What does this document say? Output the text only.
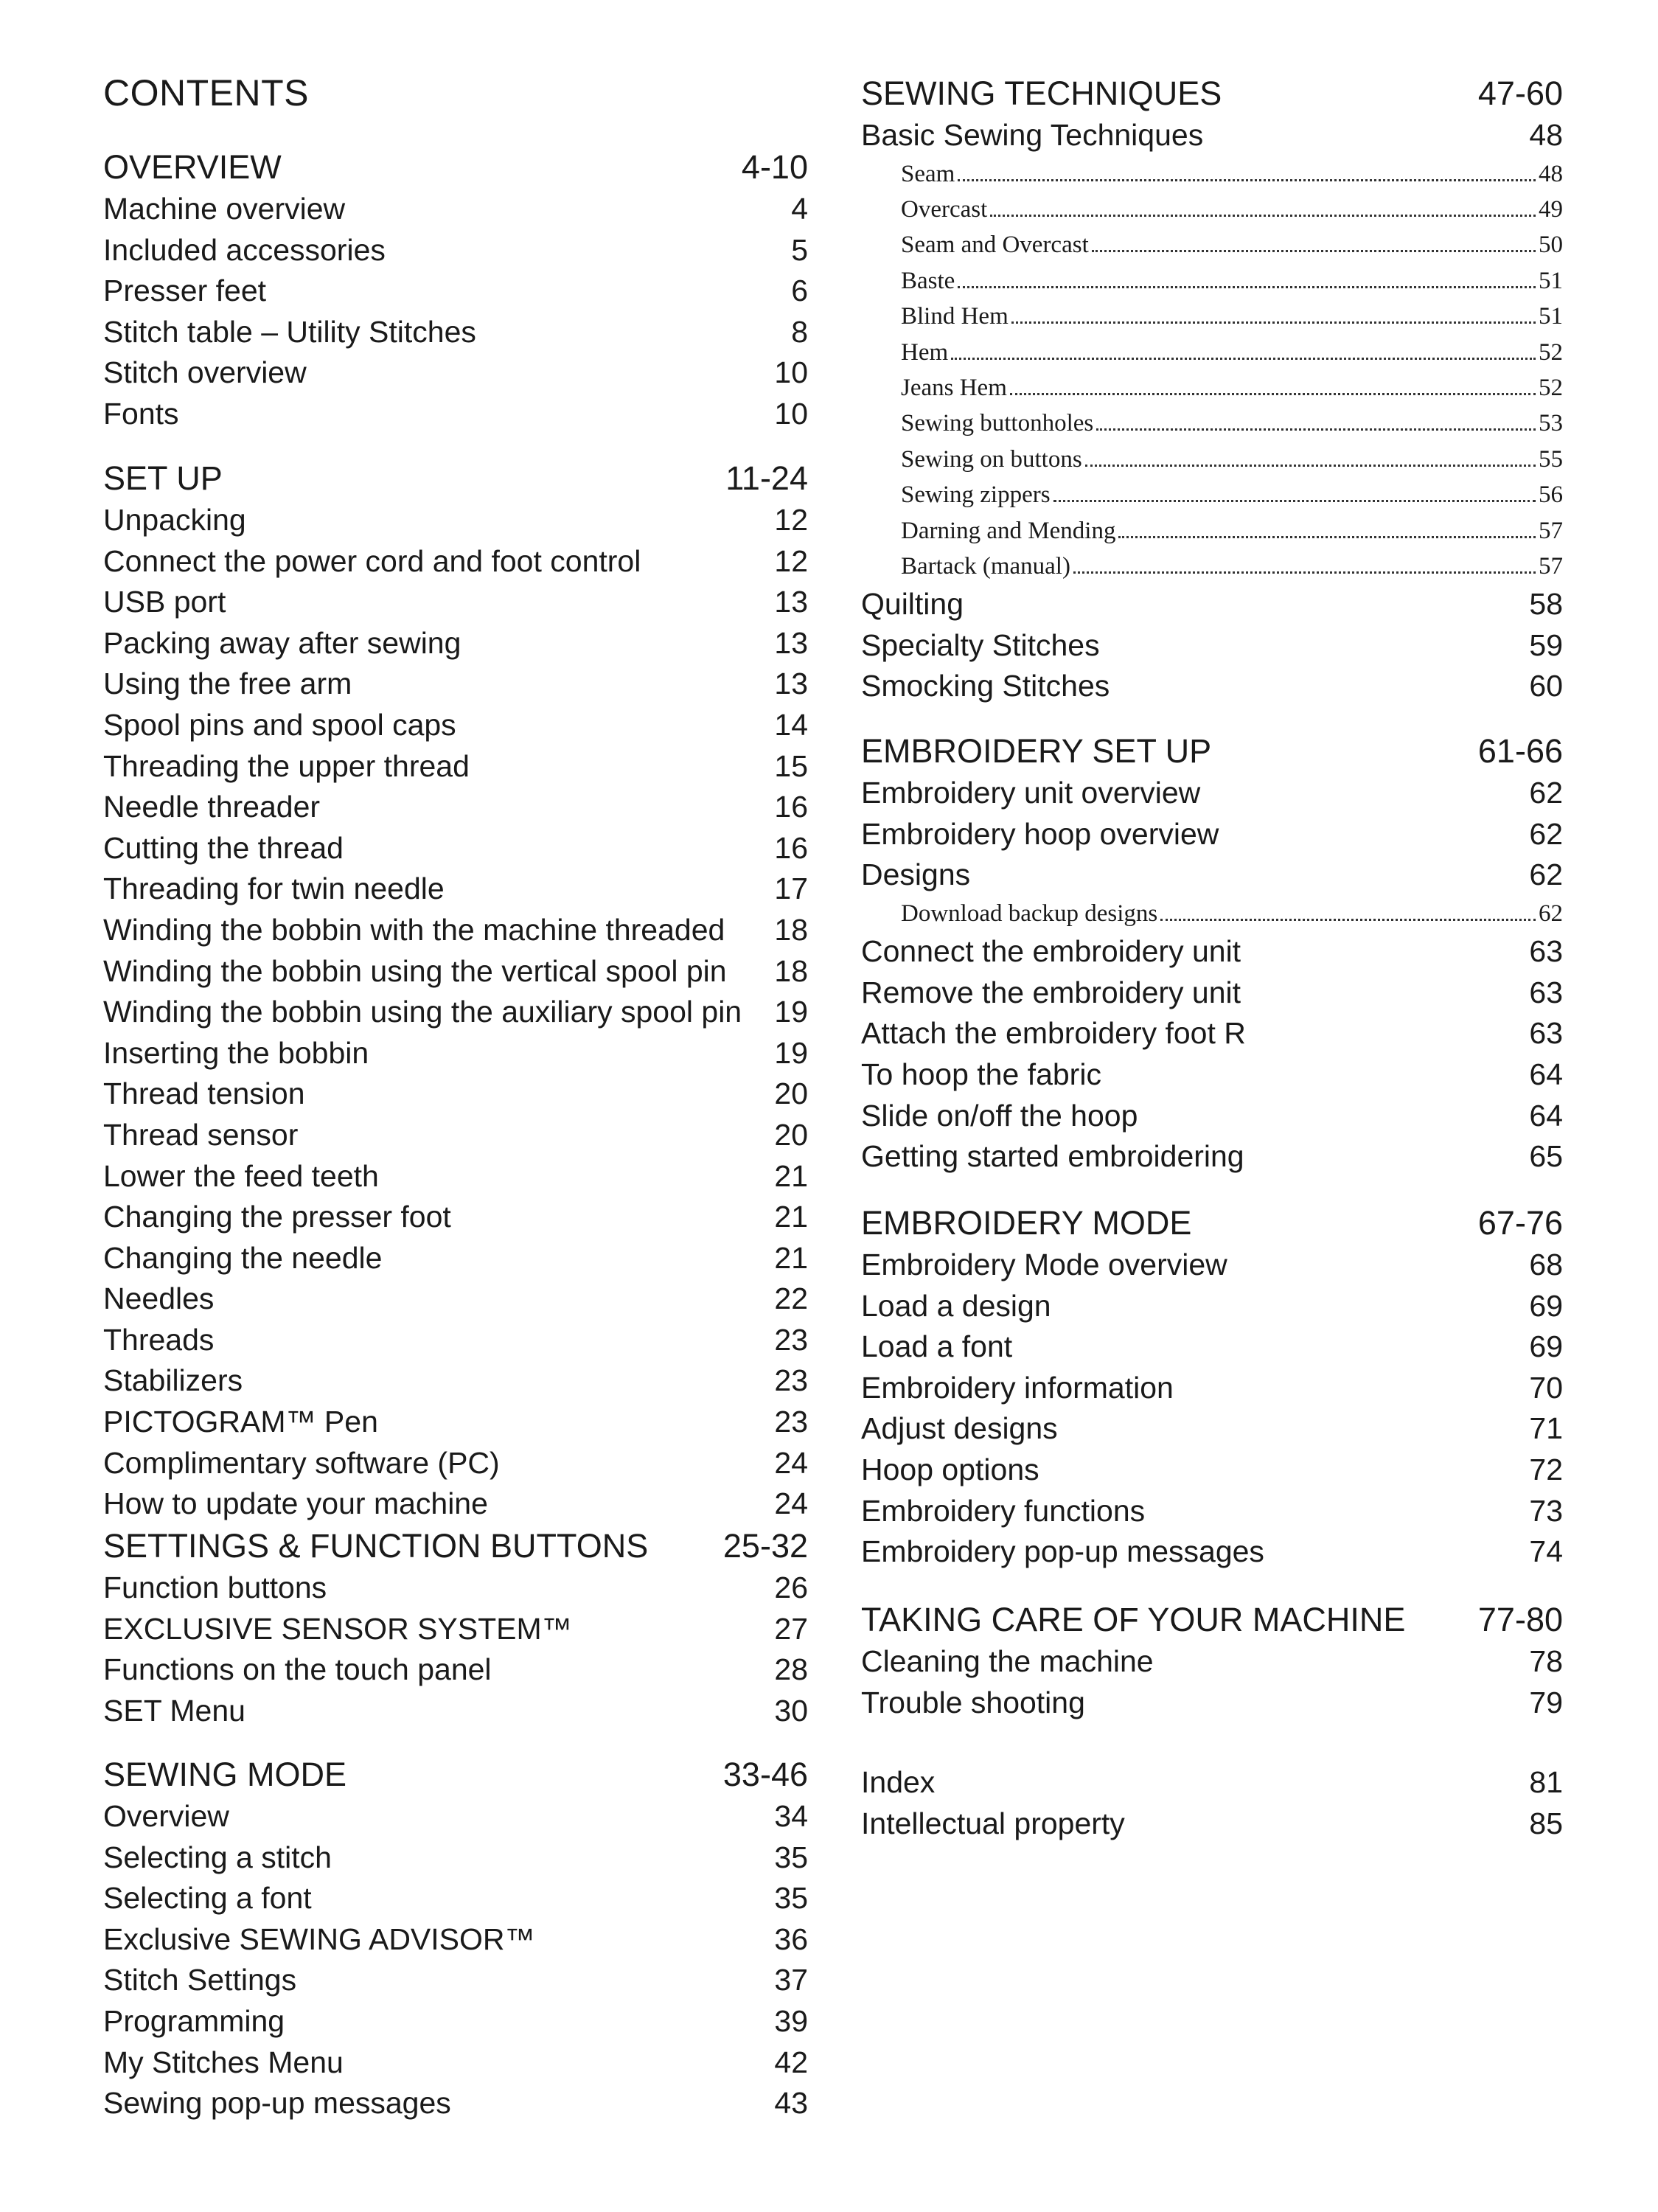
CONTENTS
OVERVIEW	4-10
Machine overview	4
Included accessories	5
Presser feet	6
Stitch table – Utility Stitches	8
Stitch overview	10
Fonts	10
SET UP	11-24
Unpacking	12
Connect the power cord and foot control	12
USB port	13
Packing away after sewing	13
Using the free arm	13
Spool pins and spool caps	14
Threading the upper thread	15
Needle threader	16
Cutting the thread	16
Threading for twin needle	17
Winding the bobbin with the machine threaded 18
Winding the bobbin using the vertical spool pin 18
Winding the bobbin using the auxiliary spool pin 19
Inserting the bobbin	19
Thread tension	20
Thread sensor	20
Lower the feed teeth	21
Changing the presser foot	21
Changing the needle	21
Needles	22
Threads	23
Stabilizers	23
PICTOGRAM™ Pen	23
Complimentary software (PC)	24
How to update your machine	24
SETTINGS & FUNCTION BUTTONS 25-32
Function buttons	26
EXCLUSIVE SENSOR SYSTEM™	27
Functions on the touch panel	28
SET Menu	30
SEWING MODE	33-46
Overview	34
Selecting a stitch	35
Selecting a font	35
Exclusive SEWING ADVISOR™	36
Stitch Settings	37
Programming	39
My Stitches Menu	42
Sewing pop-up messages	43
SEWING TECHNIQUES	47-60
Basic Sewing Techniques	48
Seam	48
Overcast	49
Seam and Overcast	50
Baste	51
Blind Hem	51
Hem	52
Jeans Hem	52
Sewing buttonholes	53
Sewing on buttons	55
Sewing zippers	56
Darning and Mending	57
Bartack (manual)	57
Quilting	58
Specialty Stitches	59
Smocking Stitches	60
EMBROIDERY SET UP	61-66
Embroidery unit overview	62
Embroidery hoop overview	62
Designs	62
Download backup designs	62
Connect the embroidery unit	63
Remove the embroidery unit	63
Attach the embroidery foot R	63
To hoop the fabric	64
Slide on/off the hoop	64
Getting started embroidering	65
EMBROIDERY MODE	67-76
Embroidery Mode overview	68
Load a design	69
Load a font	69
Embroidery information	70
Adjust designs	71
Hoop options	72
Embroidery functions	73
Embroidery pop-up messages	74
TAKING CARE OF YOUR MACHINE 77-80
Cleaning the machine	78
Trouble shooting	79
Index	81
Intellectual property	85
